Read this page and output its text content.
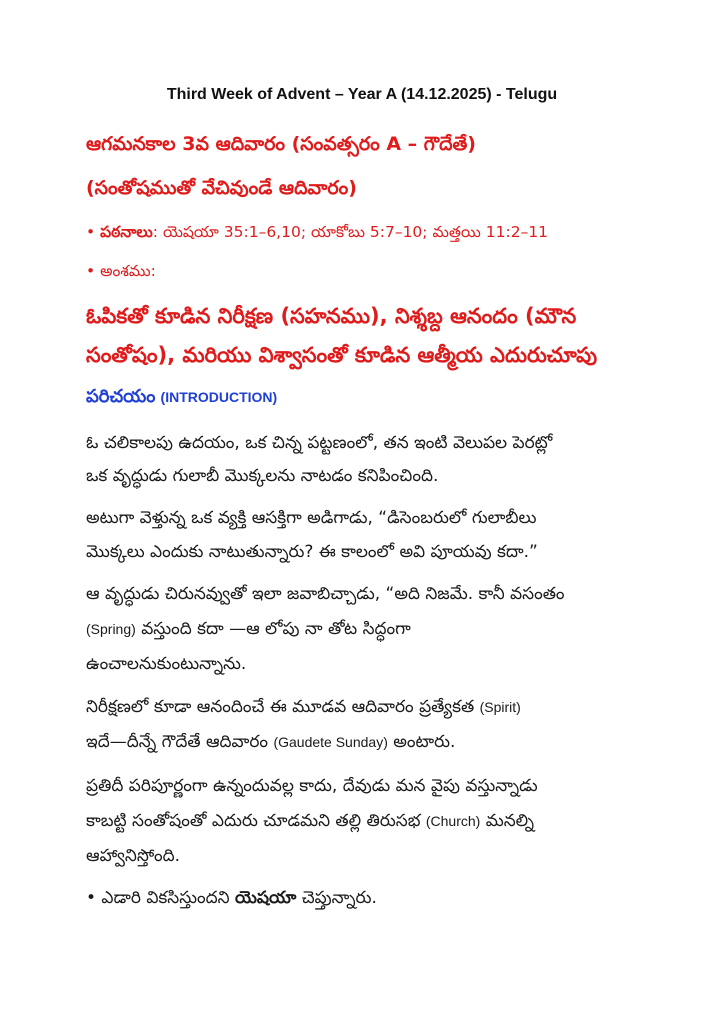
Third Week of Advent – Year A (14.12.2025) - Telugu
ఆగమనకాల 3వ ఆదివారం (సంవత్సరం A – గౌదేతే)
(సంతోషముతో వేచివుండే ఆదివారం)
• పఠనాలు: యెషయా 35:1–6,10; యాకోబు 5:7–10; మత్తయి 11:2–11
• అంశము:
ఓపికతో కూడిన నిరీక్షణ (సహనము), నిశ్శబ్ద ఆనందం (మౌన
సంతోషం), మరియు విశ్వాసంతో కూడిన ఆత్మీయ ఎదురుచూపు
పరిచయం (INTRODUCTION)
ఓ చలికాలపు ఉదయం, ఒక చిన్న పట్టణంలో, తన ఇంటి వెలుపల పెరట్లో
ఒక వృద్ధుడు గులాబీ మొక్కలను నాటడం కనిపించింది.
అటుగా వెళ్తున్న ఒక వ్యక్తి ఆసక్తిగా అడిగాడు, “డిసెంబరులో గులాబీలు
మొక్కలు ఎందుకు నాటుతున్నారు? ఈ కాలంలో అవి పూయవు కదా.”
ఆ వృద్ధుడు చిరునవ్వుతో ఇలా జవాబిచ్చాడు, “అది నిజమే. కానీ వసంతం
(Spring) వస్తుంది కదా —ఆ లోపు నా తోట సిద్ధంగా
ఉంచాలనుకుంటున్నాను.
నిరీక్షణలో కూడా ఆనందించే ఈ మూడవ ఆదివారం ప్రత్యేకత (Spirit)
ఇదే—దీన్నే గౌదేతే ఆదివారం (Gaudete Sunday) అంటారు.
ప్రతిదీ పరిపూర్ణంగా ఉన్నందువల్ల కాదు, దేవుడు మన వైపు వస్తున్నాడు
కాబట్టి సంతోషంతో ఎదురు చూడమని తల్లి తిరుసభ (Church) మనల్ని
ఆహ్వానిస్తోంది.
• ఎడారి వికసిస్తుందని యెషయా చెప్తున్నారు.
